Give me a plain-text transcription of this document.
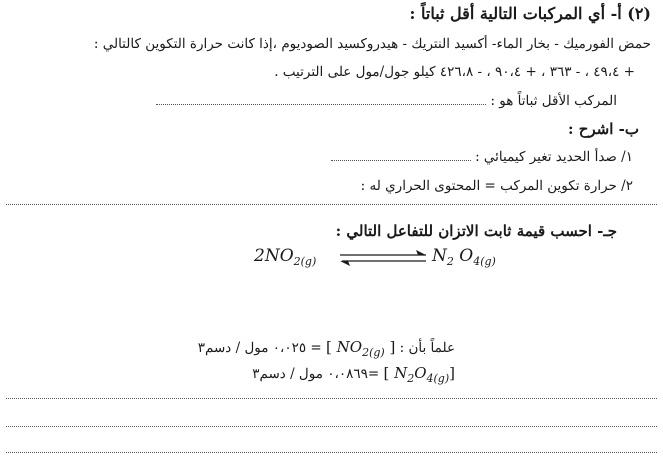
(٢) أ- أي المركبات التالية أقل ثباتاً :
حمض الفورميك - بخار الماء- أكسيد النتريك - هيدروكسيد الصوديوم ،إذا كانت حرارة التكوين كالتالي :
+ ٤٩،٤ ، - ٣٦٣ ، + ٩٠،٤ ، - ٤٢٦،٨ كيلو جول/مول على الترتيب .
المركب الأقل ثباتاً هو :
ب- اشرح :
١/ صدأ الحديد تغير كيميائي :
٢/ حرارة تكوين المركب = المحتوى الحراري له :
جـ- احسب قيمة ثابت الاتزان للتفاعل التالي :
$2NO_{2(g)}$	$N_2$ $O_{4(g)}$
علماً بأن : [ $NO_{2(g)}$ ] = ٠،٠٢٥ مول / دسم٣
[ $N_2O_{4(g)}$] =٠،٠٨٦٩ مول / دسم٣
